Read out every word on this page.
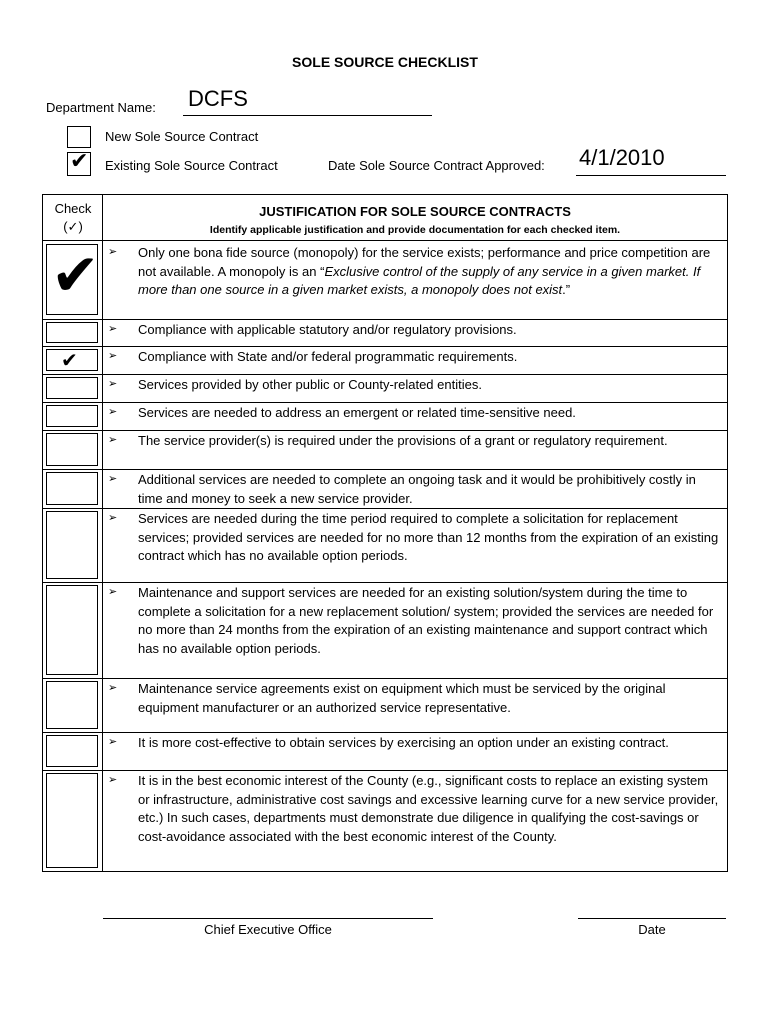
SOLE SOURCE CHECKLIST
Department Name: DCFS
New Sole Source Contract
✔ Existing Sole Source Contract	Date Sole Source Contract Approved: 4/1/2010
Check
(✓)
JUSTIFICATION FOR SOLE SOURCE CONTRACTS
Identify applicable justification and provide documentation for each checked item.
✔
✔
➢ Only one bona fide source (monopoly) for the service exists; performance and price competition are not available. A monopoly is an “Exclusive control of the supply of any service in a given market. If more than one source in a given market exists, a monopoly does not exist.”
➢ Compliance with applicable statutory and/or regulatory provisions.
➢ Compliance with State and/or federal programmatic requirements.
➢ Services provided by other public or County-related entities.
➢ Services are needed to address an emergent or related time-sensitive need.
➢ The service provider(s) is required under the provisions of a grant or regulatory requirement.
➢ Additional services are needed to complete an ongoing task and it would be prohibitively costly in time and money to seek a new service provider.
➢ Services are needed during the time period required to complete a solicitation for replacement services; provided services are needed for no more than 12 months from the expiration of an existing contract which has no available option periods.
➢ Maintenance and support services are needed for an existing solution/system during the time to complete a solicitation for a new replacement solution/ system; provided the services are needed for no more than 24 months from the expiration of an existing maintenance and support contract which has no available option periods.
➢ Maintenance service agreements exist on equipment which must be serviced by the original equipment manufacturer or an authorized service representative.
➢ It is more cost-effective to obtain services by exercising an option under an existing contract.
➢ It is in the best economic interest of the County (e.g., significant costs to replace an existing system or infrastructure, administrative cost savings and excessive learning curve for a new service provider, etc.) In such cases, departments must demonstrate due diligence in qualifying the cost-savings or cost-avoidance associated with the best economic interest of the County.
Chief Executive Office	Date
